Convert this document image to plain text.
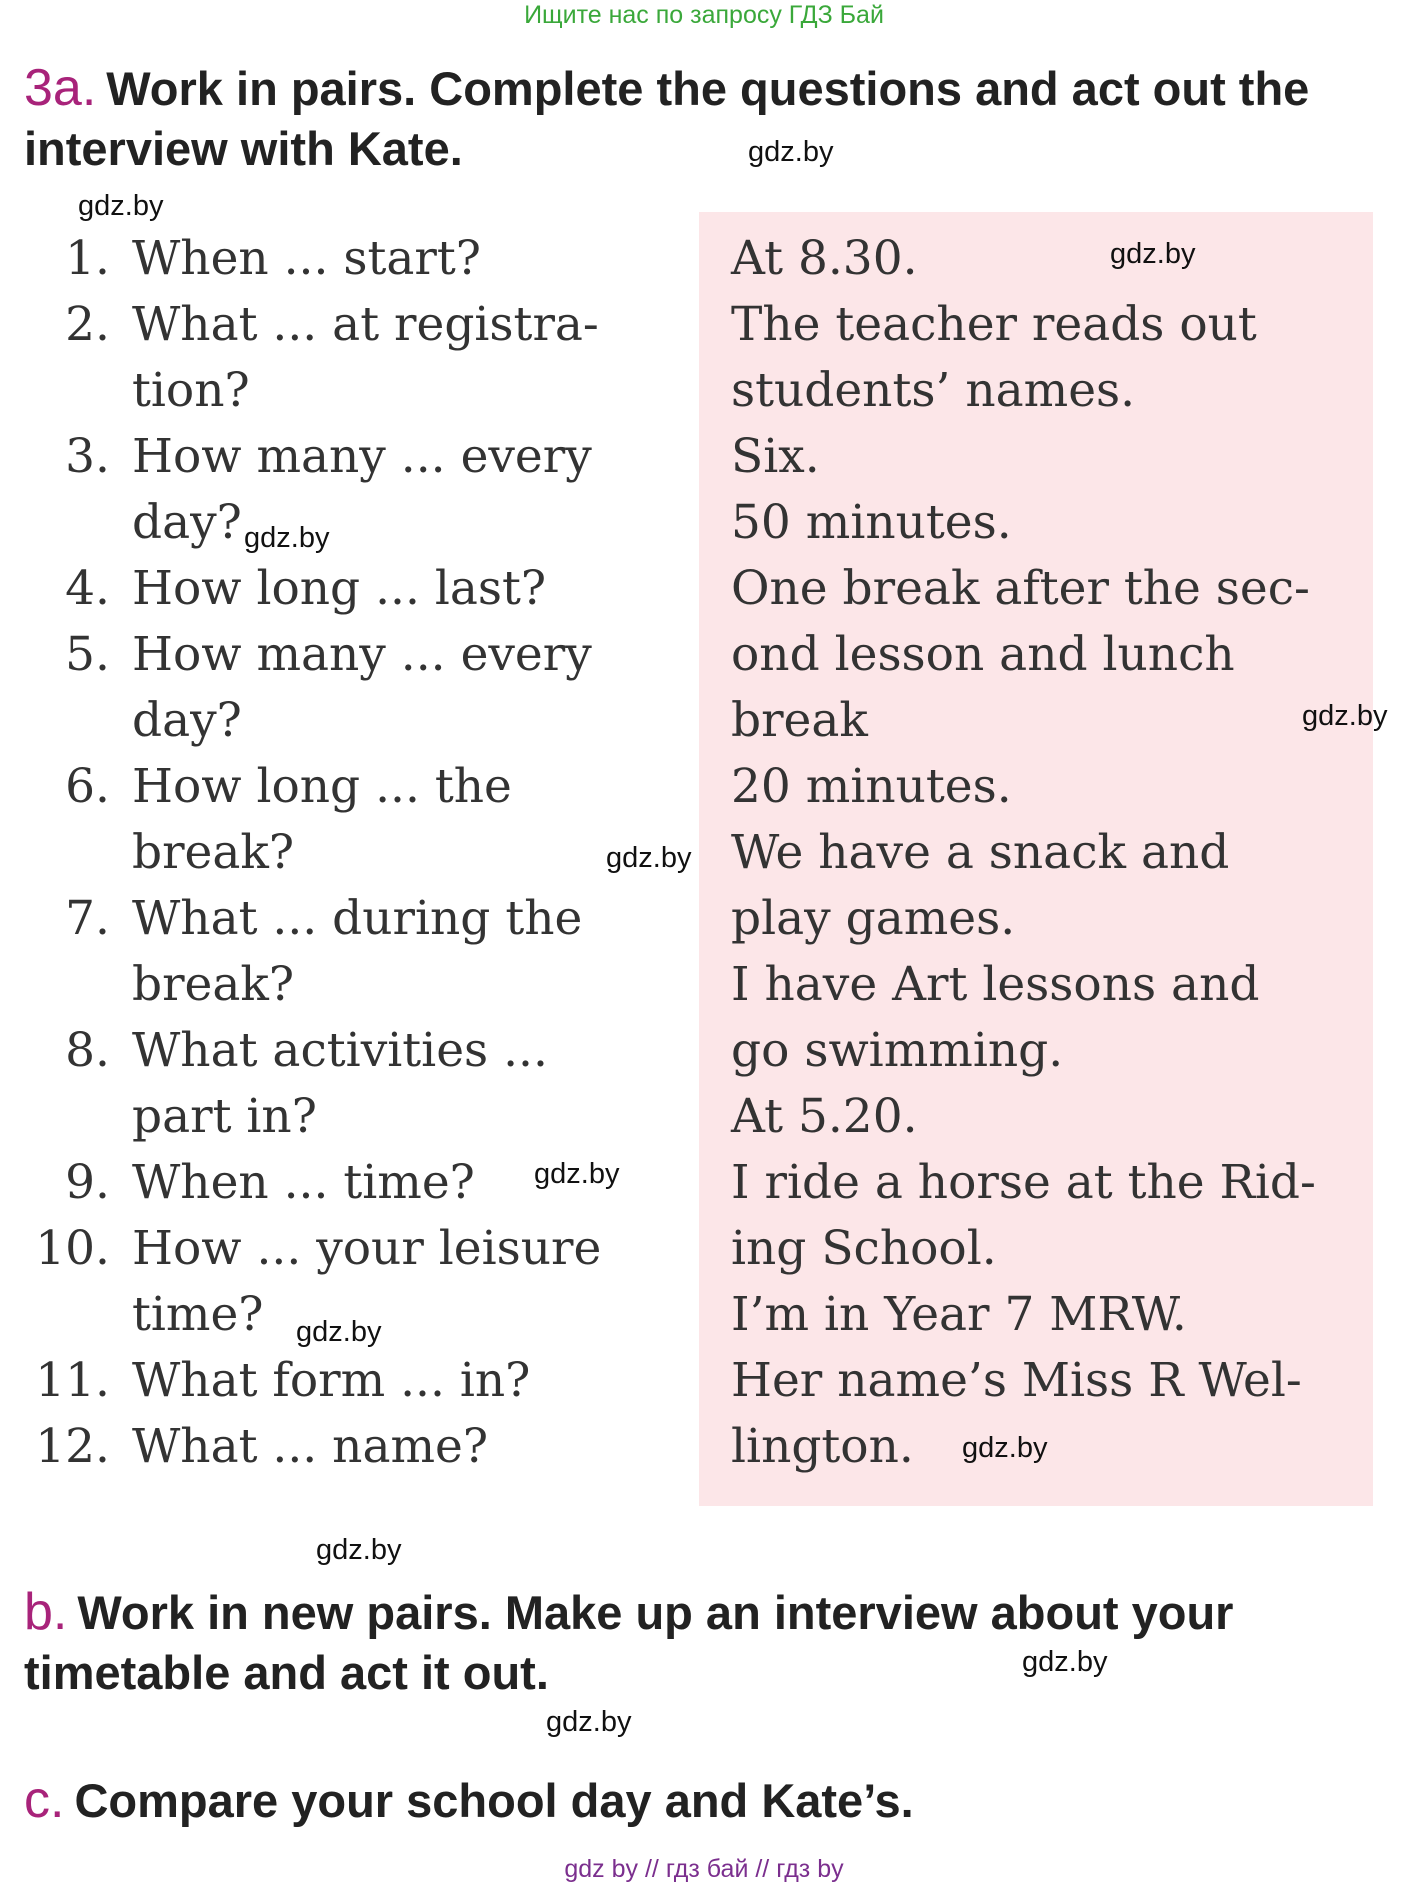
Ищите нас по запросу ГДЗ Бай
3a. Work in pairs. Complete the questions and act out the
interview with Kate.
1. When ... start?
2. What ... at registra-
tion?
3. How many ... every
day?
4. How long ... last?
5. How many ... every
day?
6. How long ... the
break?
7. What ... during the
break?
8. What activities ...
part in?
9. When ... time?
10. How ... your leisure
time?
11. What form ... in?
12. What ... name?
At 8.30.
The teacher reads out
students’ names.
Six.
50 minutes.
One break after the sec-
ond lesson and lunch
break
20 minutes.
We have a snack and
play games.
I have Art lessons and
go swimming.
At 5.20.
I ride a horse at the Rid-
ing School.
I’m in Year 7 MRW.
Her name’s Miss R Wel-
lington.
b. Work in new pairs. Make up an interview about your
timetable and act it out.
c. Compare your school day and Kate’s.
gdz.by
gdz.by
gdz.by
gdz.by
gdz.by
gdz.by
gdz.by
gdz.by
gdz.by
gdz.by
gdz.by
gdz.by
gdz by // гдз бай // гдз by
